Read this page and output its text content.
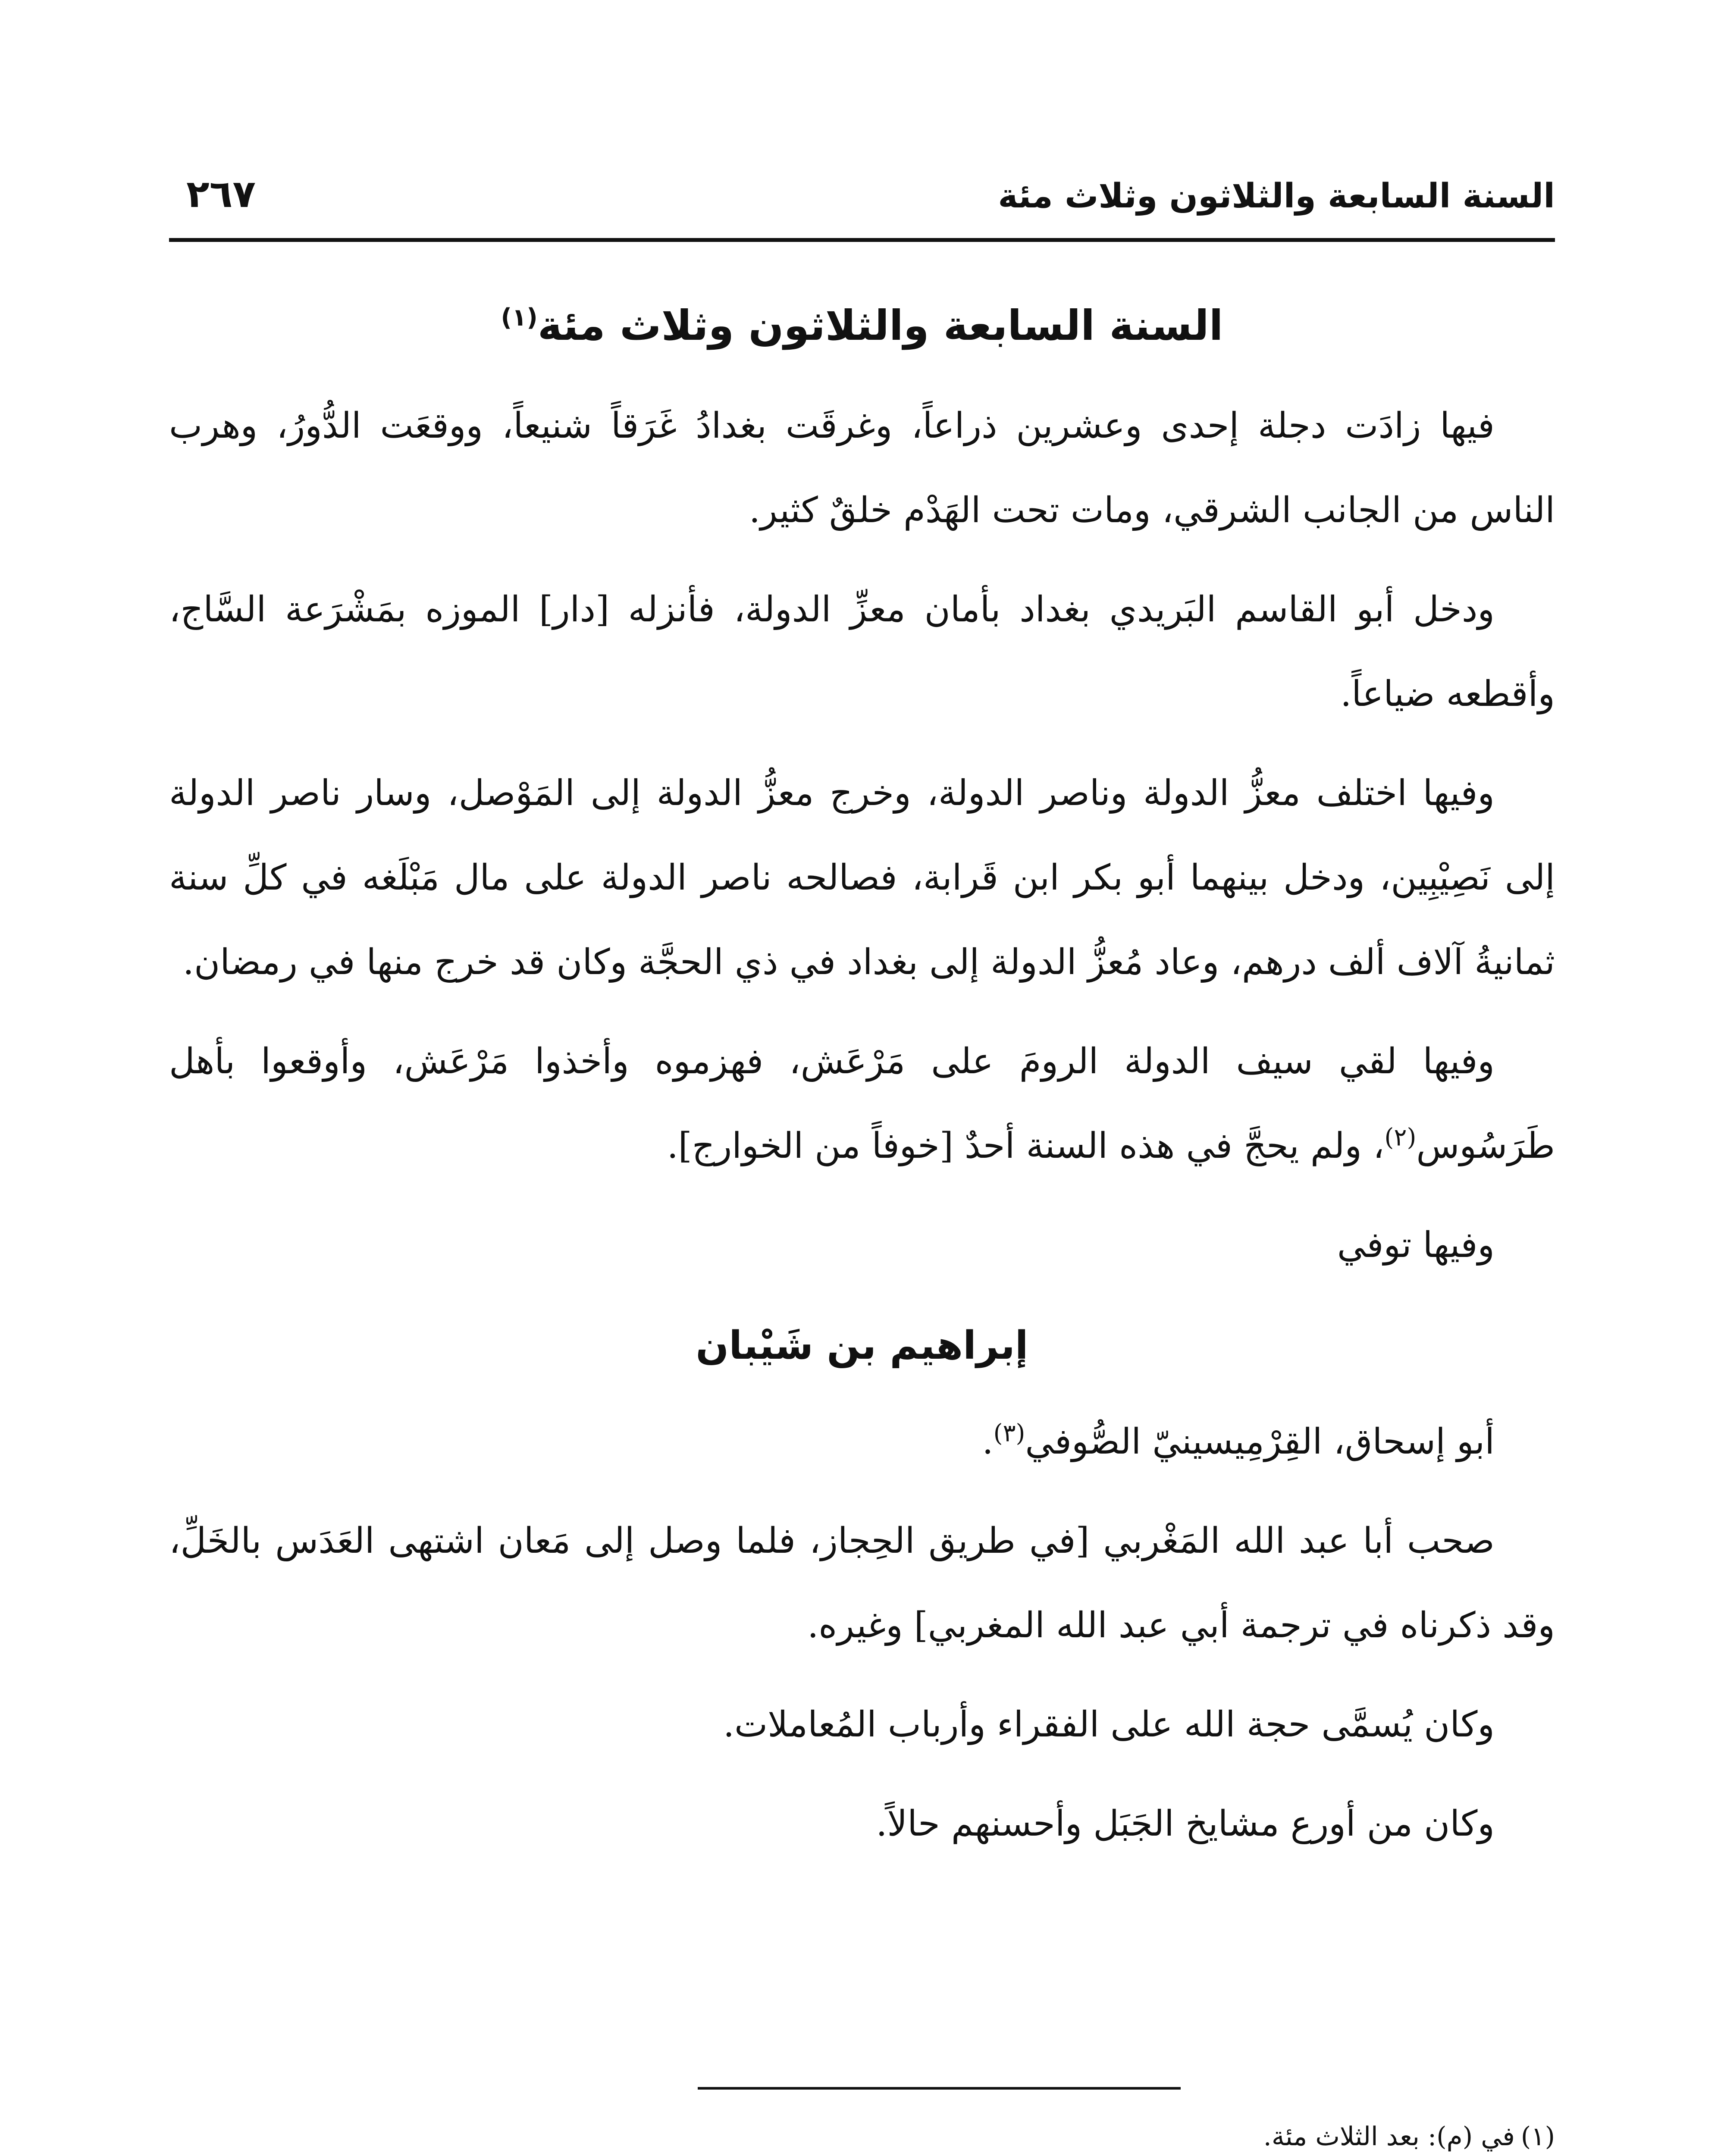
السنة السابعة والثلاثون وثلاث مئة
٢٦٧
السنة السابعة والثلاثون وثلاث مئة$^{(١)}$

فيها زادَت دجلة إحدى وعشرين ذراعاً، وغرقَت بغدادُ غَرَقاً شنيعاً، ووقعَت الدُّورُ، وهرب الناس من الجانب الشرقي، ومات تحت الهَدْم خلقٌ كثير.

ودخل أبو القاسم البَريدي بغداد بأمان معزِّ الدولة، فأنزله [دار] الموزه بمَشْرَعة السَّاج، وأقطعه ضياعاً.

وفيها اختلف معزُّ الدولة وناصر الدولة، وخرج معزُّ الدولة إلى المَوْصل، وسار ناصر الدولة إلى نَصِيْبِين، ودخل بينهما أبو بكر ابن قَرابة، فصالحه ناصر الدولة على مال مَبْلَغه في كلِّ سنة ثمانيةُ آلاف ألف درهم، وعاد مُعزُّ الدولة إلى بغداد في ذي الحجَّة وكان قد خرج منها في رمضان.

وفيها لقي سيف الدولة الرومَ على مَرْعَش، فهزموه وأخذوا مَرْعَش، وأوقعوا بأهل طَرَسُوس$^{(٢)}$، ولم يحجَّ في هذه السنة أحدٌ [خوفاً من الخوارج].

وفيها توفي

إبراهيم بن شَيْبان

أبو إسحاق، القِرْمِيسينيّ الصُّوفي$^{(٣)}$.

صحب أبا عبد الله المَغْربي [في طريق الحِجاز، فلما وصل إلى مَعان اشتهى العَدَس بالخَلِّ، وقد ذكرناه في ترجمة أبي عبد الله المغربي] وغيره.

وكان يُسمَّى حجة الله على الفقراء وأرباب المُعاملات.

وكان من أورع مشايخ الجَبَل وأحسنهم حالاً.

(١)في (م): بعد الثلاث مئة.
